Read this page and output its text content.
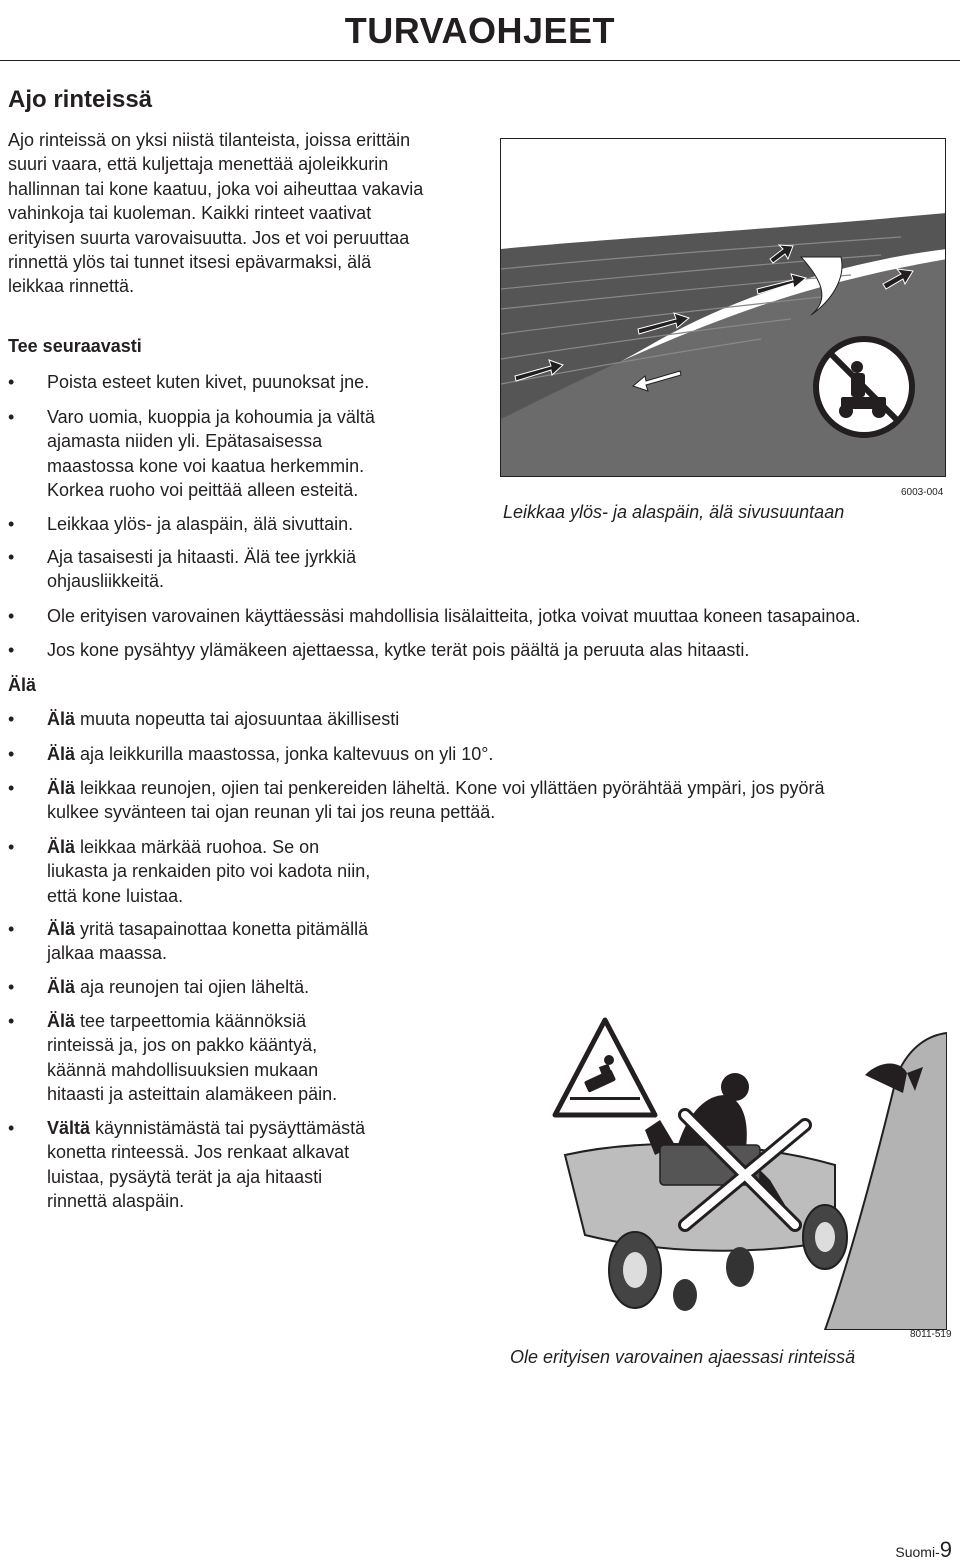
TURVAOHJEET
Ajo rinteissä
Ajo rinteissä on yksi niistä tilanteista, joissa erittäin suuri vaara, että kuljettaja menettää ajoleikkurin hallinnan tai kone kaatuu, joka voi aiheuttaa vakavia vahinkoja tai kuoleman. Kaikki rinteet vaativat erityisen suurta varovaisuutta. Jos et voi peruuttaa rinnettä ylös tai tunnet itsesi epävarmaksi, älä leikkaa rinnettä.
Tee seuraavasti
• Poista esteet kuten kivet, puunoksat jne.
• Varo uomia, kuoppia ja kohoumia ja vältä
ajamasta niiden yli. Epätasaisessa
maastossa kone voi kaatua herkemmin.
Korkea ruoho voi peittää alleen esteitä.
• Leikkaa ylös- ja alaspäin, älä sivuttain.
• Aja tasaisesti ja hitaasti. Älä tee jyrkkiä
ohjausliikkeitä.
• Ole erityisen varovainen käyttäessäsi mahdollisia lisälaitteita, jotka voivat muuttaa koneen tasapainoa.
• Jos kone pysähtyy ylämäkeen ajettaessa, kytke terät pois päältä ja peruuta alas hitaasti.
Älä
• Älä muuta nopeutta tai ajosuuntaa äkillisesti
• Älä aja leikkurilla maastossa, jonka kaltevuus on yli 10°.
• Älä leikkaa reunojen, ojien tai penkereiden läheltä. Kone voi yllättäen pyörähtää ympäri, jos pyörä
kulkee syvänteen tai ojan reunan yli tai jos reuna pettää.
• Älä leikkaa märkää ruohoa. Se on
liukasta ja renkaiden pito voi kadota niin,
että kone luistaa.
• Älä yritä tasapainottaa konetta pitämällä
jalkaa maassa.
• Älä aja reunojen tai ojien läheltä.
• Älä tee tarpeettomia käännöksiä
rinteissä ja, jos on pakko kääntyä,
käännä mahdollisuuksien mukaan
hitaasti ja asteittain alamäkeen päin.
• Vältä käynnistämästä tai pysäyttämästä
konetta rinteessä. Jos renkaat alkavat
luistaa, pysäytä terät ja aja hitaasti
rinnettä alaspäin.
Leikkaa ylös- ja alaspäin, älä sivusuuntaan
6003-004
Ole erityisen varovainen ajaessasi rinteissä
8011-519
Suomi-9
